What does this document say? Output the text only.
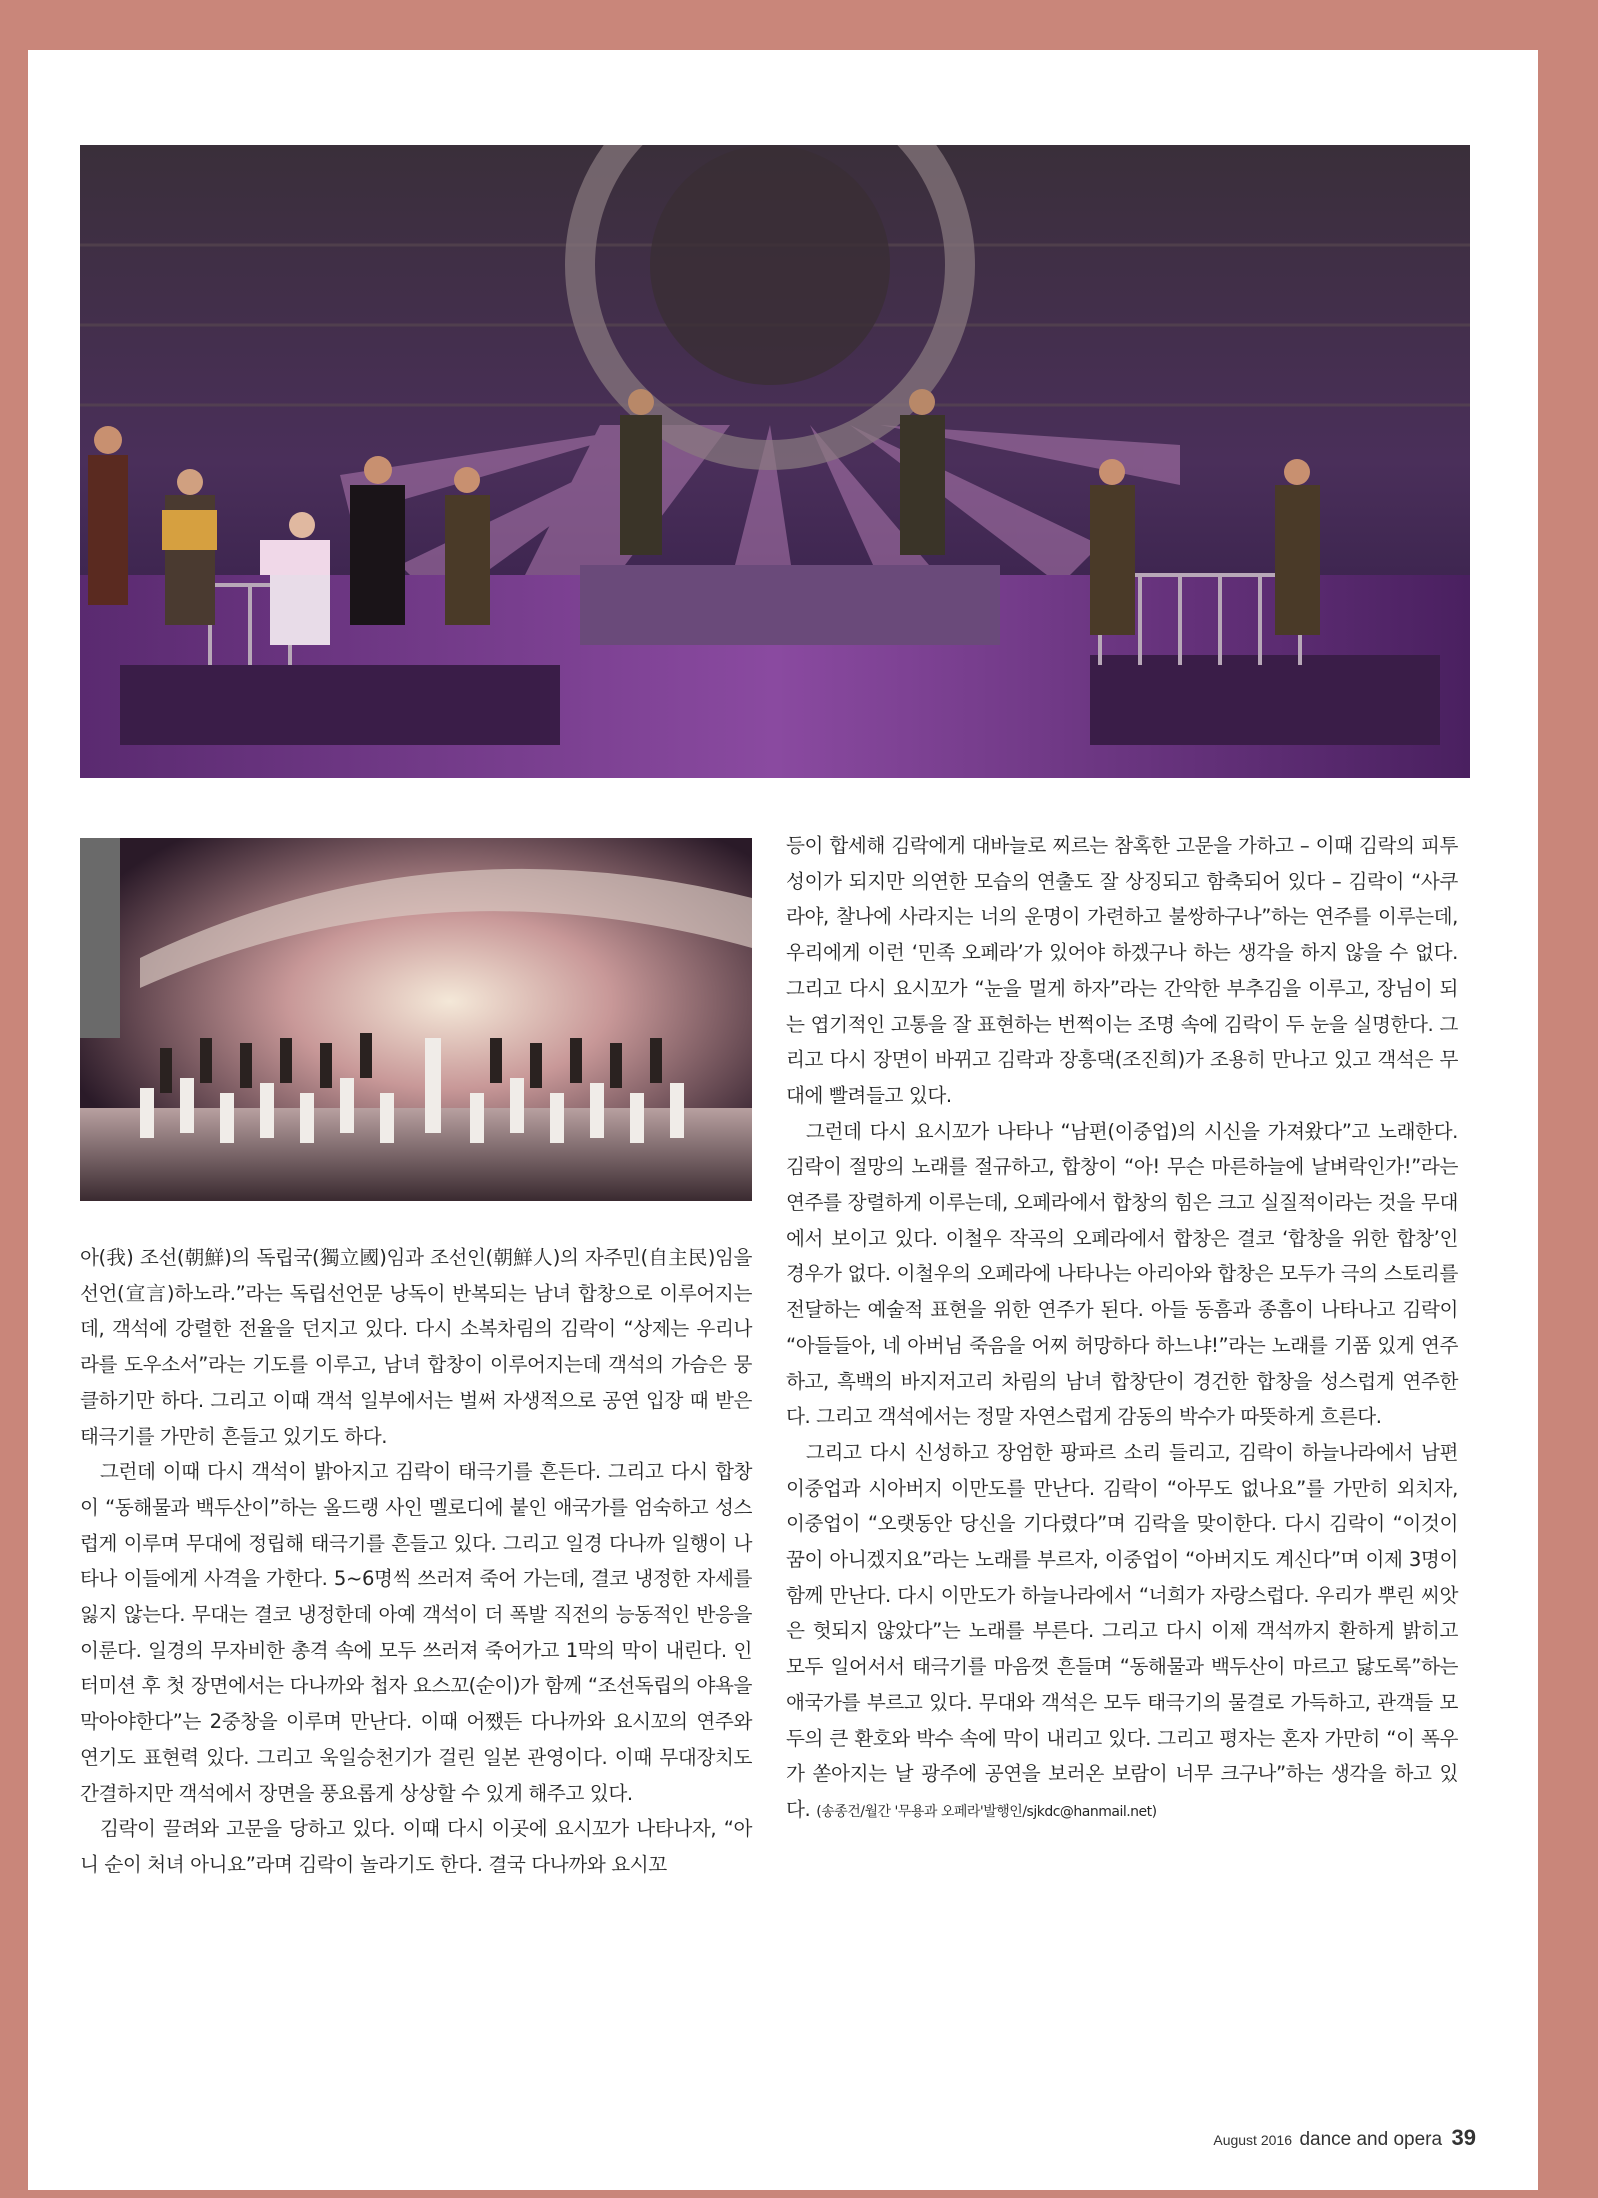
아(我) 조선(朝鮮)의 독립국(獨立國)임과 조선인(朝鮮人)의 자주민(自主民)임을 선언(宣言)하노라.”라는 독립선언문 낭독이 반복되는 남녀 합창으로 이루어지는데, 객석에 강렬한 전율을 던지고 있다. 다시 소복차림의 김락이 “상제는 우리나라를 도우소서”라는 기도를 이루고, 남녀 합창이 이루어지는데 객석의 가슴은 뭉클하기만 하다. 그리고 이때 객석 일부에서는 벌써 자생적으로 공연 입장 때 받은 태극기를 가만히 흔들고 있기도 하다.

그런데 이때 다시 객석이 밝아지고 김락이 태극기를 흔든다. 그리고 다시 합창이 “동해물과 백두산이”하는 올드랭 사인 멜로디에 붙인 애국가를 엄숙하고 성스럽게 이루며 무대에 정립해 태극기를 흔들고 있다. 그리고 일경 다나까 일행이 나타나 이들에게 사격을 가한다. 5~6명씩 쓰러져 죽어 가는데, 결코 냉정한 자세를 잃지 않는다. 무대는 결코 냉정한데 아예 객석이 더 폭발 직전의 능동적인 반응을 이룬다. 일경의 무자비한 총격 속에 모두 쓰러져 죽어가고 1막의 막이 내린다. 인터미션 후 첫 장면에서는 다나까와 첩자 요스꼬(순이)가 함께 “조선독립의 야욕을 막아야한다”는 2중창을 이루며 만난다. 이때 어쨌든 다나까와 요시꼬의 연주와 연기도 표현력 있다. 그리고 욱일승천기가 걸린 일본 관영이다. 이때 무대장치도 간결하지만 객석에서 장면을 풍요롭게 상상할 수 있게 해주고 있다.

김락이 끌려와 고문을 당하고 있다. 이때 다시 이곳에 요시꼬가 나타나자, “아니 순이 처녀 아니요”라며 김락이 놀라기도 한다. 결국 다나까와 요시꼬

등이 합세해 김락에게 대바늘로 찌르는 참혹한 고문을 가하고 – 이때 김락의 피투성이가 되지만 의연한 모습의 연출도 잘 상징되고 함축되어 있다 – 김락이 “사쿠라야, 찰나에 사라지는 너의 운명이 가련하고 불쌍하구나”하는 연주를 이루는데, 우리에게 이런 ‘민족 오페라’가 있어야 하겠구나 하는 생각을 하지 않을 수 없다. 그리고 다시 요시꼬가 “눈을 멀게 하자”라는 간악한 부추김을 이루고, 장님이 되는 엽기적인 고통을 잘 표현하는 번쩍이는 조명 속에 김락이 두 눈을 실명한다. 그리고 다시 장면이 바뀌고 김락과 장흥댁(조진희)가 조용히 만나고 있고 객석은 무대에 빨려들고 있다.

그런데 다시 요시꼬가 나타나 “남편(이중업)의 시신을 가져왔다”고 노래한다. 김락이 절망의 노래를 절규하고, 합창이 “아! 무슨 마른하늘에 날벼락인가!”라는 연주를 장렬하게 이루는데, 오페라에서 합창의 힘은 크고 실질적이라는 것을 무대에서 보이고 있다. 이철우 작곡의 오페라에서 합창은 결코 ‘합창을 위한 합창’인 경우가 없다. 이철우의 오페라에 나타나는 아리아와 합창은 모두가 극의 스토리를 전달하는 예술적 표현을 위한 연주가 된다. 아들 동흠과 종흠이 나타나고 김락이 “아들들아, 네 아버님 죽음을 어찌 허망하다 하느냐!”라는 노래를 기품 있게 연주하고, 흑백의 바지저고리 차림의 남녀 합창단이 경건한 합창을 성스럽게 연주한다. 그리고 객석에서는 정말 자연스럽게 감동의 박수가 따뜻하게 흐른다.

그리고 다시 신성하고 장엄한 팡파르 소리 들리고, 김락이 하늘나라에서 남편 이중업과 시아버지 이만도를 만난다. 김락이 “아무도 없나요”를 가만히 외치자, 이중업이 “오랫동안 당신을 기다렸다”며 김락을 맞이한다. 다시 김락이 “이것이 꿈이 아니겠지요”라는 노래를 부르자, 이중업이 “아버지도 계신다”며 이제 3명이 함께 만난다. 다시 이만도가 하늘나라에서 “너희가 자랑스럽다. 우리가 뿌린 씨앗은 헛되지 않았다”는 노래를 부른다. 그리고 다시 이제 객석까지 환하게 밝히고 모두 일어서서 태극기를 마음껏 흔들며 “동해물과 백두산이 마르고 닳도록”하는 애국가를 부르고 있다. 무대와 객석은 모두 태극기의 물결로 가득하고, 관객들 모두의 큰 환호와 박수 속에 막이 내리고 있다. 그리고 평자는 혼자 가만히 “이 폭우가 쏟아지는 날 광주에 공연을 보러온 보람이 너무 크구나”하는 생각을 하고 있다. (송종건/월간 '무용과 오페라'발행인/sjkdc@hanmail.net)

August 2016 dance and opera 39
